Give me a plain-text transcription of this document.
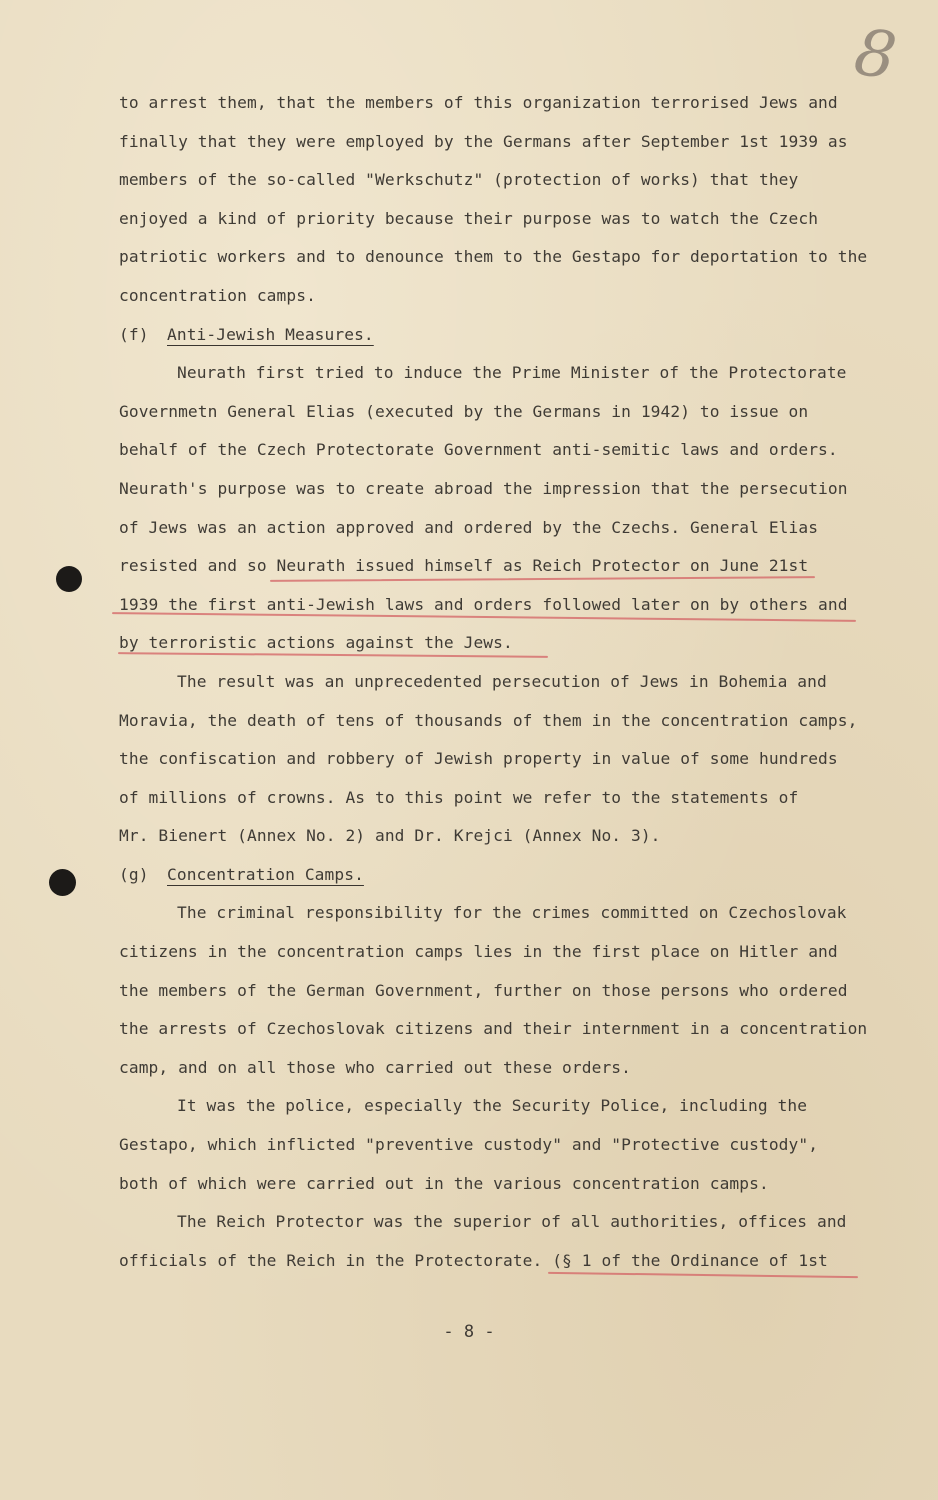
8
to arrest them, that the members of this organization terrorised Jews and
finally that they were employed by the Germans after September 1st 1939 as
members of the so-called "Werkschutz" (protection of works) that they
enjoyed a kind of priority because their purpose was to watch the Czech
patriotic workers and to denounce them to the Gestapo for deportation to the
concentration camps.
(f) Anti-Jewish Measures.
Neurath first tried to induce the Prime Minister of the Protectorate
Governmetn General Elias (executed by the Germans in 1942) to issue on
behalf of the Czech Protectorate Government anti-semitic laws and orders.
Neurath's purpose was to create abroad the impression that the persecution
of Jews was an action approved and ordered by the Czechs. General Elias
resisted and so Neurath issued himself as Reich Protector on June 21st
1939 the first anti-Jewish laws and orders followed later on by others and
by terroristic actions against the Jews.
The result was an unprecedented persecution of Jews in Bohemia and
Moravia, the death of tens of thousands of them in the concentration camps,
the confiscation and robbery of Jewish property in value of some hundreds
of millions of crowns. As to this point we refer to the statements of
Mr. Bienert (Annex No. 2) and Dr. Krejci (Annex No. 3).
(g) Concentration Camps.
The criminal responsibility for the crimes committed on Czechoslovak
citizens in the concentration camps lies in the first place on Hitler and
the members of the German Government, further on those persons who ordered
the arrests of Czechoslovak citizens and their internment in a concentration
camp, and on all those who carried out these orders.
It was the police, especially the Security Police, including the
Gestapo, which inflicted "preventive custody" and "Protective custody",
both of which were carried out in the various concentration camps.
The Reich Protector was the superior of all authorities, offices and
officials of the Reich in the Protectorate. (§ 1 of the Ordinance of 1st
- 8 -
